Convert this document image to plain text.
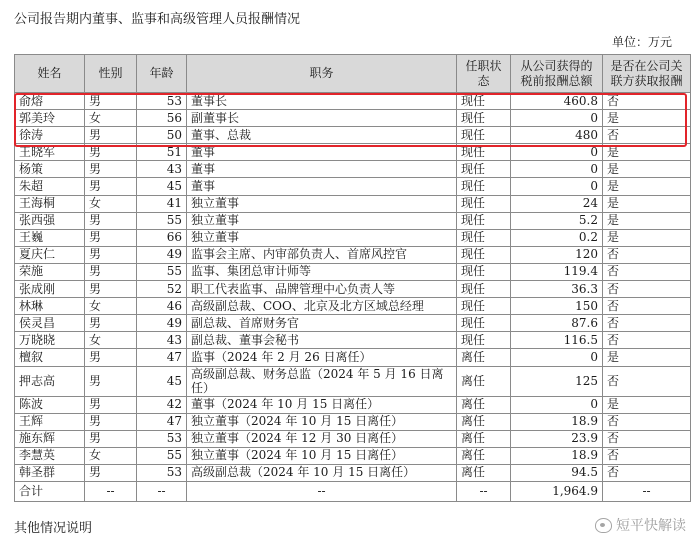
公司报告期内董事、监事和高级管理人员报酬情况
单位：万元
姓名	性别	年龄	职务	任职状态	从公司获得的税前报酬总额	是否在公司关联方获取报酬
俞熔	男	53	董事长	现任	460.8	否
郭美玲	女	56	副董事长	现任	0	是
徐涛	男	50	董事、总裁	现任	480	否
王晓军	男	51	董事	现任	0	是
杨策	男	43	董事	现任	0	是
朱超	男	45	董事	现任	0	是
王海桐	女	41	独立董事	现任	24	是
张西强	男	55	独立董事	现任	5.2	是
王巍	男	66	独立董事	现任	0.2	是
夏庆仁	男	49	监事会主席、内审部负责人、首席风控官	现任	120	否
荣施	男	55	监事、集团总审计师等	现任	119.4	否
张成刚	男	52	职工代表监事、品牌管理中心负责人等	现任	36.3	否
林琳	女	46	高级副总裁、COO、北京及北方区域总经理	现任	150	否
侯灵昌	男	49	副总裁、首席财务官	现任	87.6	否
万晓晓	女	43	副总裁、董事会秘书	现任	116.5	否
檀叙	男	47	监事（2024 年 2 月 26 日离任）	离任	0	是
押志高	男	45	高级副总裁、财务总监（2024 年 5 月 16 日离任）	离任	125	否
陈波	男	42	董事（2024 年 10 月 15 日离任）	离任	0	是
王辉	男	47	独立董事（2024 年 10 月 15 日离任）	离任	18.9	否
施东辉	男	53	独立董事（2024 年 12 月 30 日离任）	离任	23.9	否
李慧英	女	55	独立董事（2024 年 10 月 15 日离任）	离任	18.9	否
韩圣群	男	53	高级副总裁（2024 年 10 月 15 日离任）	离任	94.5	否
合计	--	--	--	--	1,964.9	--
其他情况说明	短平快解读
